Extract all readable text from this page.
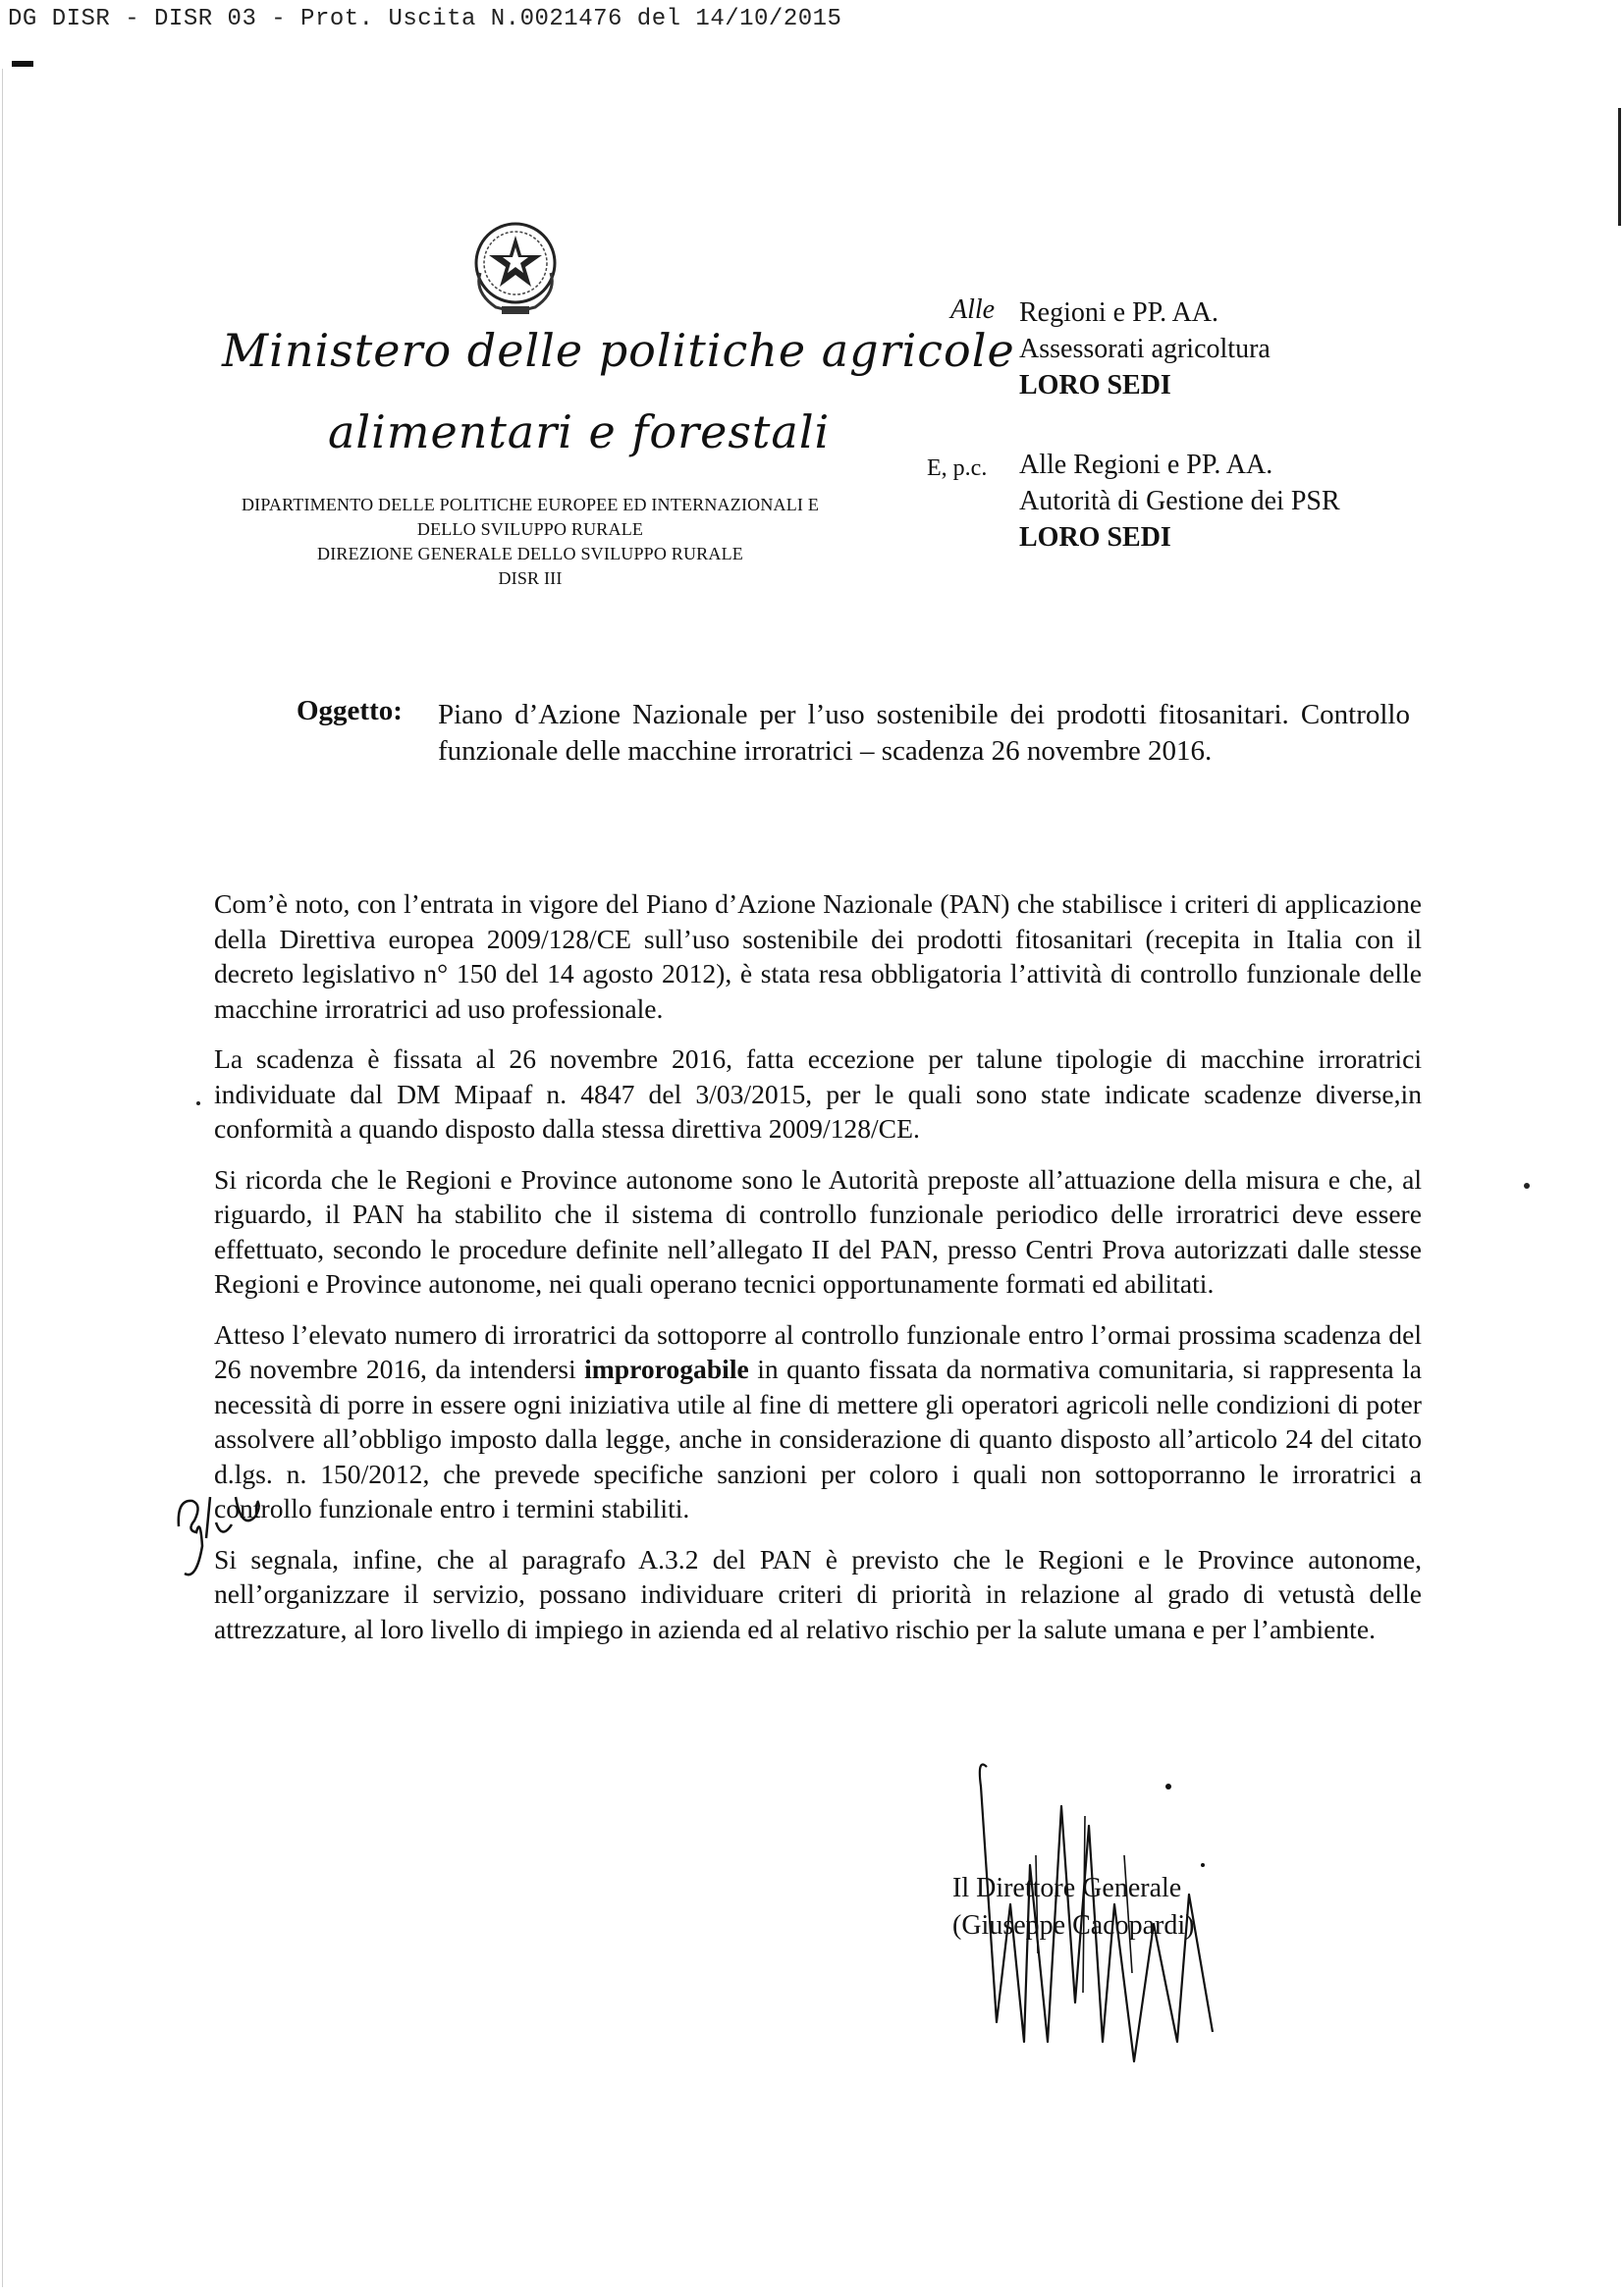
DG DISR - DISR 03 - Prot. Uscita N.0021476 del 14/10/2015
Ministero delle politiche agricole
alimentari e forestali
DIPARTIMENTO DELLE POLITICHE EUROPEE ED INTERNAZIONALI E
DELLO SVILUPPO RURALE
DIREZIONE GENERALE DELLO SVILUPPO RURALE
DISR III
Alle Regioni e PP. AA.
Assessorati agricoltura
LORO SEDI
E, p.c. Alle Regioni e PP. AA.
Autorità di Gestione dei PSR
LORO SEDI
Oggetto: Piano d’Azione Nazionale per l’uso sostenibile dei prodotti fitosanitari. Controllo funzionale delle macchine irroratrici – scadenza 26 novembre 2016.

Com’è noto, con l’entrata in vigore del Piano d’Azione Nazionale (PAN) che stabilisce i criteri di applicazione della Direttiva europea 2009/128/CE sull’uso sostenibile dei prodotti fitosanitari (recepita in Italia con il decreto legislativo n° 150 del 14 agosto 2012), è stata resa obbligatoria l’attività di controllo funzionale delle macchine irroratrici ad uso professionale.

La scadenza è fissata al 26 novembre 2016, fatta eccezione per talune tipologie di macchine irroratrici individuate dal DM Mipaaf n. 4847 del 3/03/2015, per le quali sono state indicate scadenze diverse,in conformità a quando disposto dalla stessa direttiva 2009/128/CE.

Si ricorda che le Regioni e Province autonome sono le Autorità preposte all’attuazione della misura e che, al riguardo, il PAN ha stabilito che il sistema di controllo funzionale periodico delle irroratrici deve essere effettuato, secondo le procedure definite nell’allegato II del PAN, presso Centri Prova autorizzati dalle stesse Regioni e Province autonome, nei quali operano tecnici opportunamente formati ed abilitati.

Atteso l’elevato numero di irroratrici da sottoporre al controllo funzionale entro l’ormai prossima scadenza del 26 novembre 2016, da intendersi improrogabile in quanto fissata da normativa comunitaria, si rappresenta la necessità di porre in essere ogni iniziativa utile al fine di mettere gli operatori agricoli nelle condizioni di poter assolvere all’obbligo imposto dalla legge, anche in considerazione di quanto disposto all’articolo 24 del citato d.lgs. n. 150/2012, che prevede specifiche sanzioni per coloro i quali non sottoporranno le irroratrici a controllo funzionale entro i termini stabiliti.

Si segnala, infine, che al paragrafo A.3.2 del PAN è previsto che le Regioni e le Province autonome, nell’organizzare il servizio, possano individuare criteri di priorità in relazione al grado di vetustà delle attrezzature, al loro livello di impiego in azienda ed al relativo rischio per la salute umana e per l’ambiente.

Il Direttore Generale
(Giuseppe Cacopardi)
